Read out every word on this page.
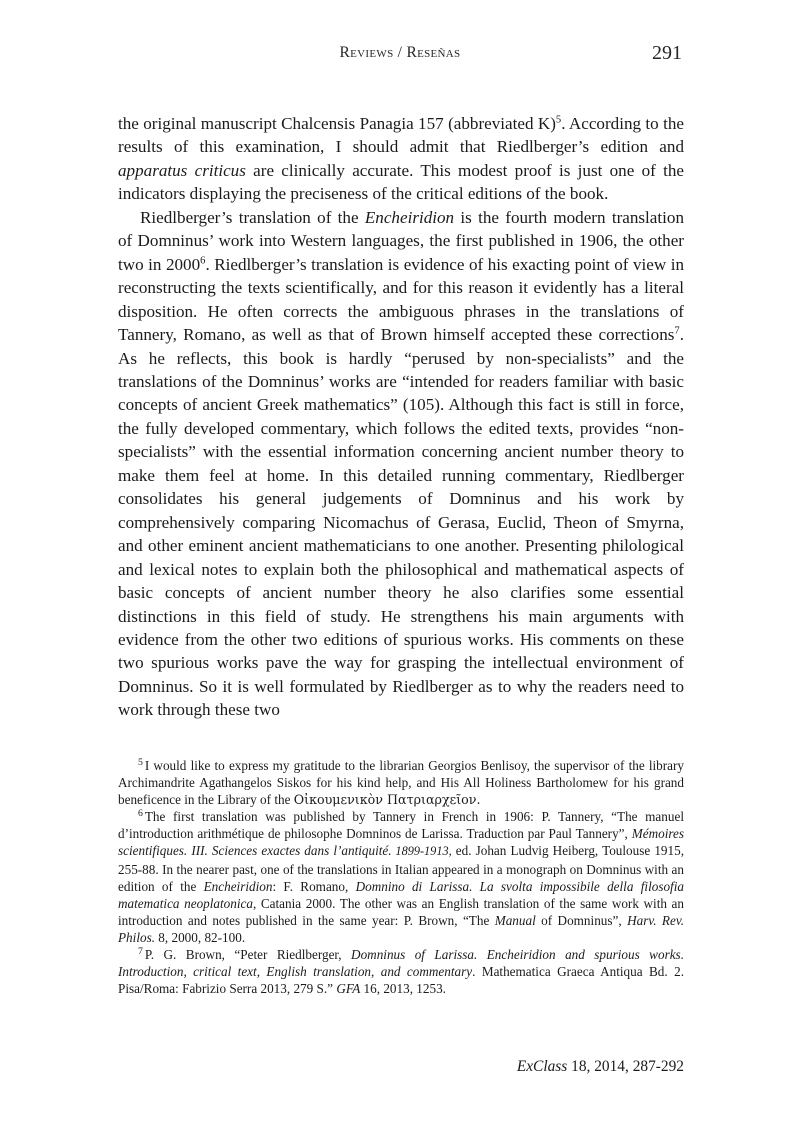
Reviews / Reseñas	291

the original manuscript Chalcensis Panagia 157 (abbreviated K)$^5$. According to the results of this examination, I should admit that Riedlberger’s edition and apparatus criticus are clinically accurate. This modest proof is just one of the indicators displaying the preciseness of the critical editions of the book.

Riedlberger’s translation of the Encheiridion is the fourth modern translation of Domninus’ work into Western languages, the first published in 1906, the other two in 2000$^6$. Riedlberger’s translation is evidence of his exacting point of view in reconstructing the texts scientifically, and for this reason it evidently has a literal disposition. He often corrects the ambiguous phrases in the translations of Tannery, Romano, as well as that of Brown himself accepted these corrections$^7$. As he reflects, this book is hardly “perused by non-specialists” and the translations of the Domninus’ works are “intended for readers familiar with basic concepts of ancient Greek mathematics” (105). Although this fact is still in force, the fully developed commentary, which follows the edited texts, provides “non-specialists” with the essential information concerning ancient number theory to make them feel at home. In this detailed running commentary, Riedlberger consolidates his general judgements of Domninus and his work by comprehensively comparing Nicomachus of Gerasa, Euclid, Theon of Smyrna, and other eminent ancient mathematicians to one another. Presenting philological and lexical notes to explain both the philosophical and mathematical aspects of basic concepts of ancient number theory he also clarifies some essential distinctions in this field of study. He strengthens his main arguments with evidence from the other two editions of spurious works. His comments on these two spurious works pave the way for grasping the intellectual environment of Domninus. So it is well formulated by Riedlberger as to why the readers need to work through these two

$^5$ I would like to express my gratitude to the librarian Georgios Benlisoy, the supervisor of the library Archimandrite Agathangelos Siskos for his kind help, and His All Holiness Bartholomew for his grand beneficence in the Library of the Οἰκουμενικὸν Πατριαρχεῖον.

$^6$ The first translation was published by Tannery in French in 1906: P. Tannery, “The manuel d’introduction arithmétique de philosophe Domninos de Larissa. Traduction par Paul Tannery”, Mémoires scientifiques. III. Sciences exactes dans l’antiquité. 1899-1913, ed. Johan Ludvig Heiberg, Toulouse 1915, 255-88. In the nearer past, one of the translations in Italian appeared in a monograph on Domninus with an edition of the Encheiridion: F. Romano, Domnino di Larissa. La svolta impossibile della filosofia matematica neoplatonica, Catania 2000. The other was an English translation of the same work with an introduction and notes published in the same year: P. Brown, “The Manual of Domninus”, Harv. Rev. Philos. 8, 2000, 82-100.

$^7$ P. G. Brown, “Peter Riedlberger, Domninus of Larissa. Encheiridion and spurious works. Introduction, critical text, English translation, and commentary. Mathematica Graeca Antiqua Bd. 2. Pisa/Roma: Fabrizio Serra 2013, 279 S.” GFA 16, 2013, 1253.

ExClass 18, 2014, 287-292
